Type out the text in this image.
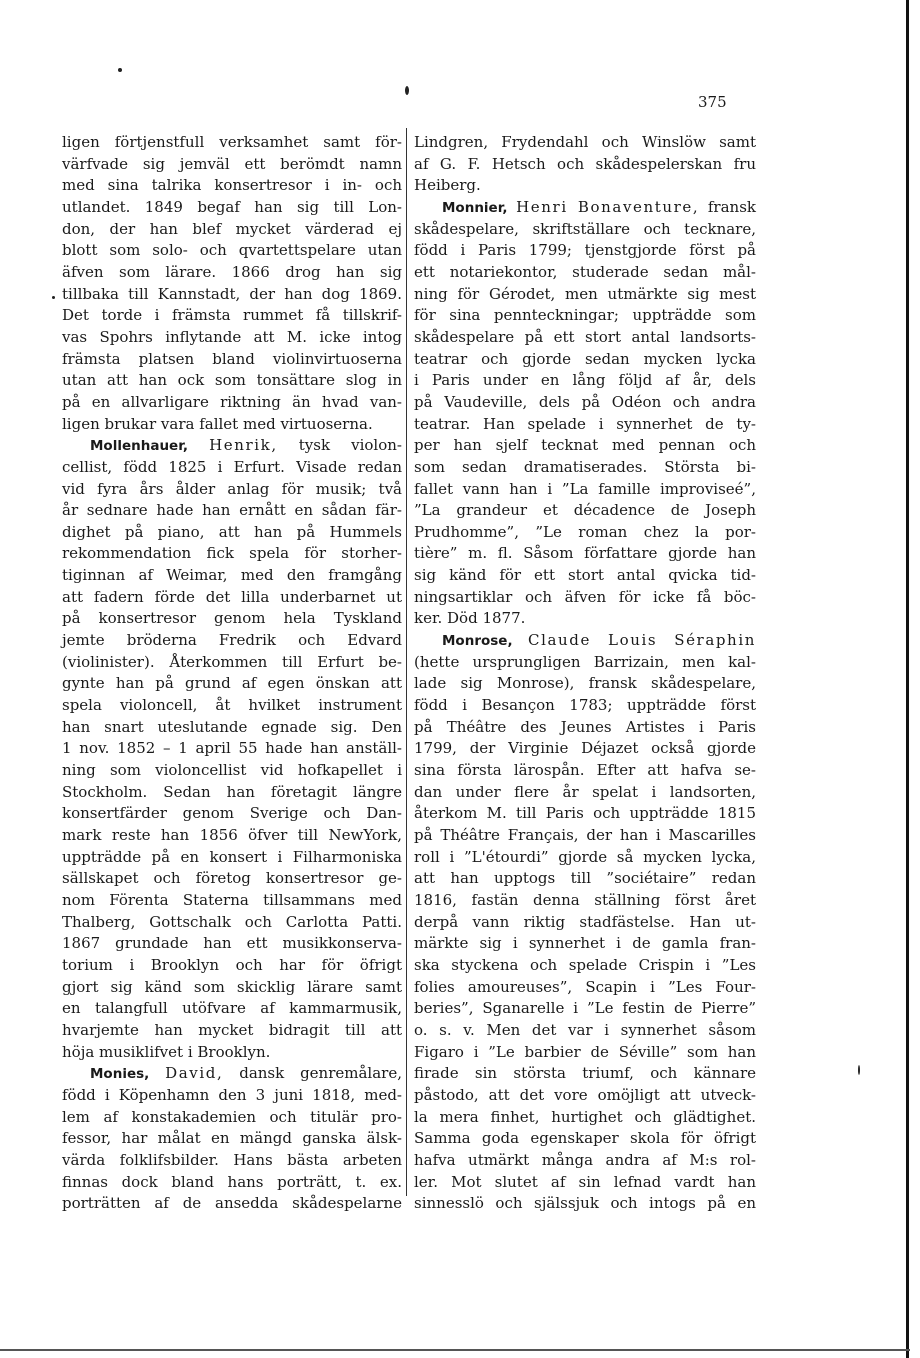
375
ligen förtjenstfull verksamhet samt för-
värfvade sig jemväl ett berömdt namn
med sina talrika konsertresor i in- och
utlandet. 1849 begaf han sig till Lon-
don, der han blef mycket värderad ej
blott som solo- och qvartettspelare utan
äfven som lärare. 1866 drog han sig
tillbaka till Kannstadt, der han dog 1869.
Det torde i främsta rummet få tillskrif-
vas Spohrs inflytande att M. icke intog
främsta platsen bland violinvirtuoserna
utan att han ock som tonsättare slog in
på en allvarligare riktning än hvad van-
ligen brukar vara fallet med virtuoserna.
Mollenhauer, Henrik, tysk violon-
cellist, född 1825 i Erfurt. Visade redan
vid fyra års ålder anlag för musik; två
år sednare hade han ernått en sådan fär-
dighet på piano, att han på Hummels
rekommendation fick spela för storher-
tiginnan af Weimar, med den framgång
att fadern förde det lilla underbarnet ut
på konsertresor genom hela Tyskland
jemte bröderna Fredrik och Edvard
(violinister). Återkommen till Erfurt be-
gynte han på grund af egen önskan att
spela violoncell, åt hvilket instrument
han snart uteslutande egnade sig. Den
1 nov. 1852 – 1 april 55 hade han anställ-
ning som violoncellist vid hofkapellet i
Stockholm. Sedan han företagit längre
konsertfärder genom Sverige och Dan-
mark reste han 1856 öfver till NewYork,
uppträdde på en konsert i Filharmoniska
sällskapet och företog konsertresor ge-
nom Förenta Staterna tillsammans med
Thalberg, Gottschalk och Carlotta Patti.
1867 grundade han ett musikkonserva-
torium i Brooklyn och har för öfrigt
gjort sig känd som skicklig lärare samt
en talangfull utöfvare af kammarmusik,
hvarjemte han mycket bidragit till att
höja musiklifvet i Brooklyn.
Monies, David, dansk genremålare,
född i Köpenhamn den 3 juni 1818, med-
lem af konstakademien och titulär pro-
fessor, har målat en mängd ganska älsk-
värda folklifsbilder. Hans bästa arbeten
finnas dock bland hans porträtt, t. ex.
porträtten af de ansedda skådespelarne
Lindgren, Frydendahl och Winslöw samt
af G. F. Hetsch och skådespelerskan fru
Heiberg.
Monnier, Henri Bonaventure, fransk
skådespelare, skriftställare och tecknare,
född i Paris 1799; tjenstgjorde först på
ett notariekontor, studerade sedan mål-
ning för Gérodet, men utmärkte sig mest
för sina pennteckningar; uppträdde som
skådespelare på ett stort antal landsorts-
teatrar och gjorde sedan mycken lycka
i Paris under en lång följd af år, dels
på Vaudeville, dels på Odéon och andra
teatrar. Han spelade i synnerhet de ty-
per han sjelf tecknat med pennan och
som sedan dramatiserades. Största bi-
fallet vann han i ”La famille improviseé”,
”La grandeur et décadence de Joseph
Prudhomme”, ”Le roman chez la por-
tière” m. fl. Såsom författare gjorde han
sig känd för ett stort antal qvicka tid-
ningsartiklar och äfven för icke få böc-
ker. Död 1877.
Monrose, Claude Louis Séraphin
(hette ursprungligen Barrizain, men kal-
lade sig Monrose), fransk skådespelare,
född i Besançon 1783; uppträdde först
på Théâtre des Jeunes Artistes i Paris
1799, der Virginie Déjazet också gjorde
sina första lärospån. Efter att hafva se-
dan under flere år spelat i landsorten,
återkom M. till Paris och uppträdde 1815
på Théâtre Français, der han i Mascarilles
roll i ”L'étourdi” gjorde så mycken lycka,
att han upptogs till ”sociétaire” redan
1816, fastän denna ställning först året
derpå vann riktig stadfästelse. Han ut-
märkte sig i synnerhet i de gamla fran-
ska styckena och spelade Crispin i ”Les
folies amoureuses”, Scapin i ”Les Four-
beries”, Sganarelle i ”Le festin de Pierre”
o. s. v. Men det var i synnerhet såsom
Figaro i ”Le barbier de Séville” som han
firade sin största triumf, och kännare
påstodo, att det vore omöjligt att utveck-
la mera finhet, hurtighet och glädtighet.
Samma goda egenskaper skola för öfrigt
hafva utmärkt många andra af M:s rol-
ler. Mot slutet af sin lefnad vardt han
sinnesslö och själssjuk och intogs på en
